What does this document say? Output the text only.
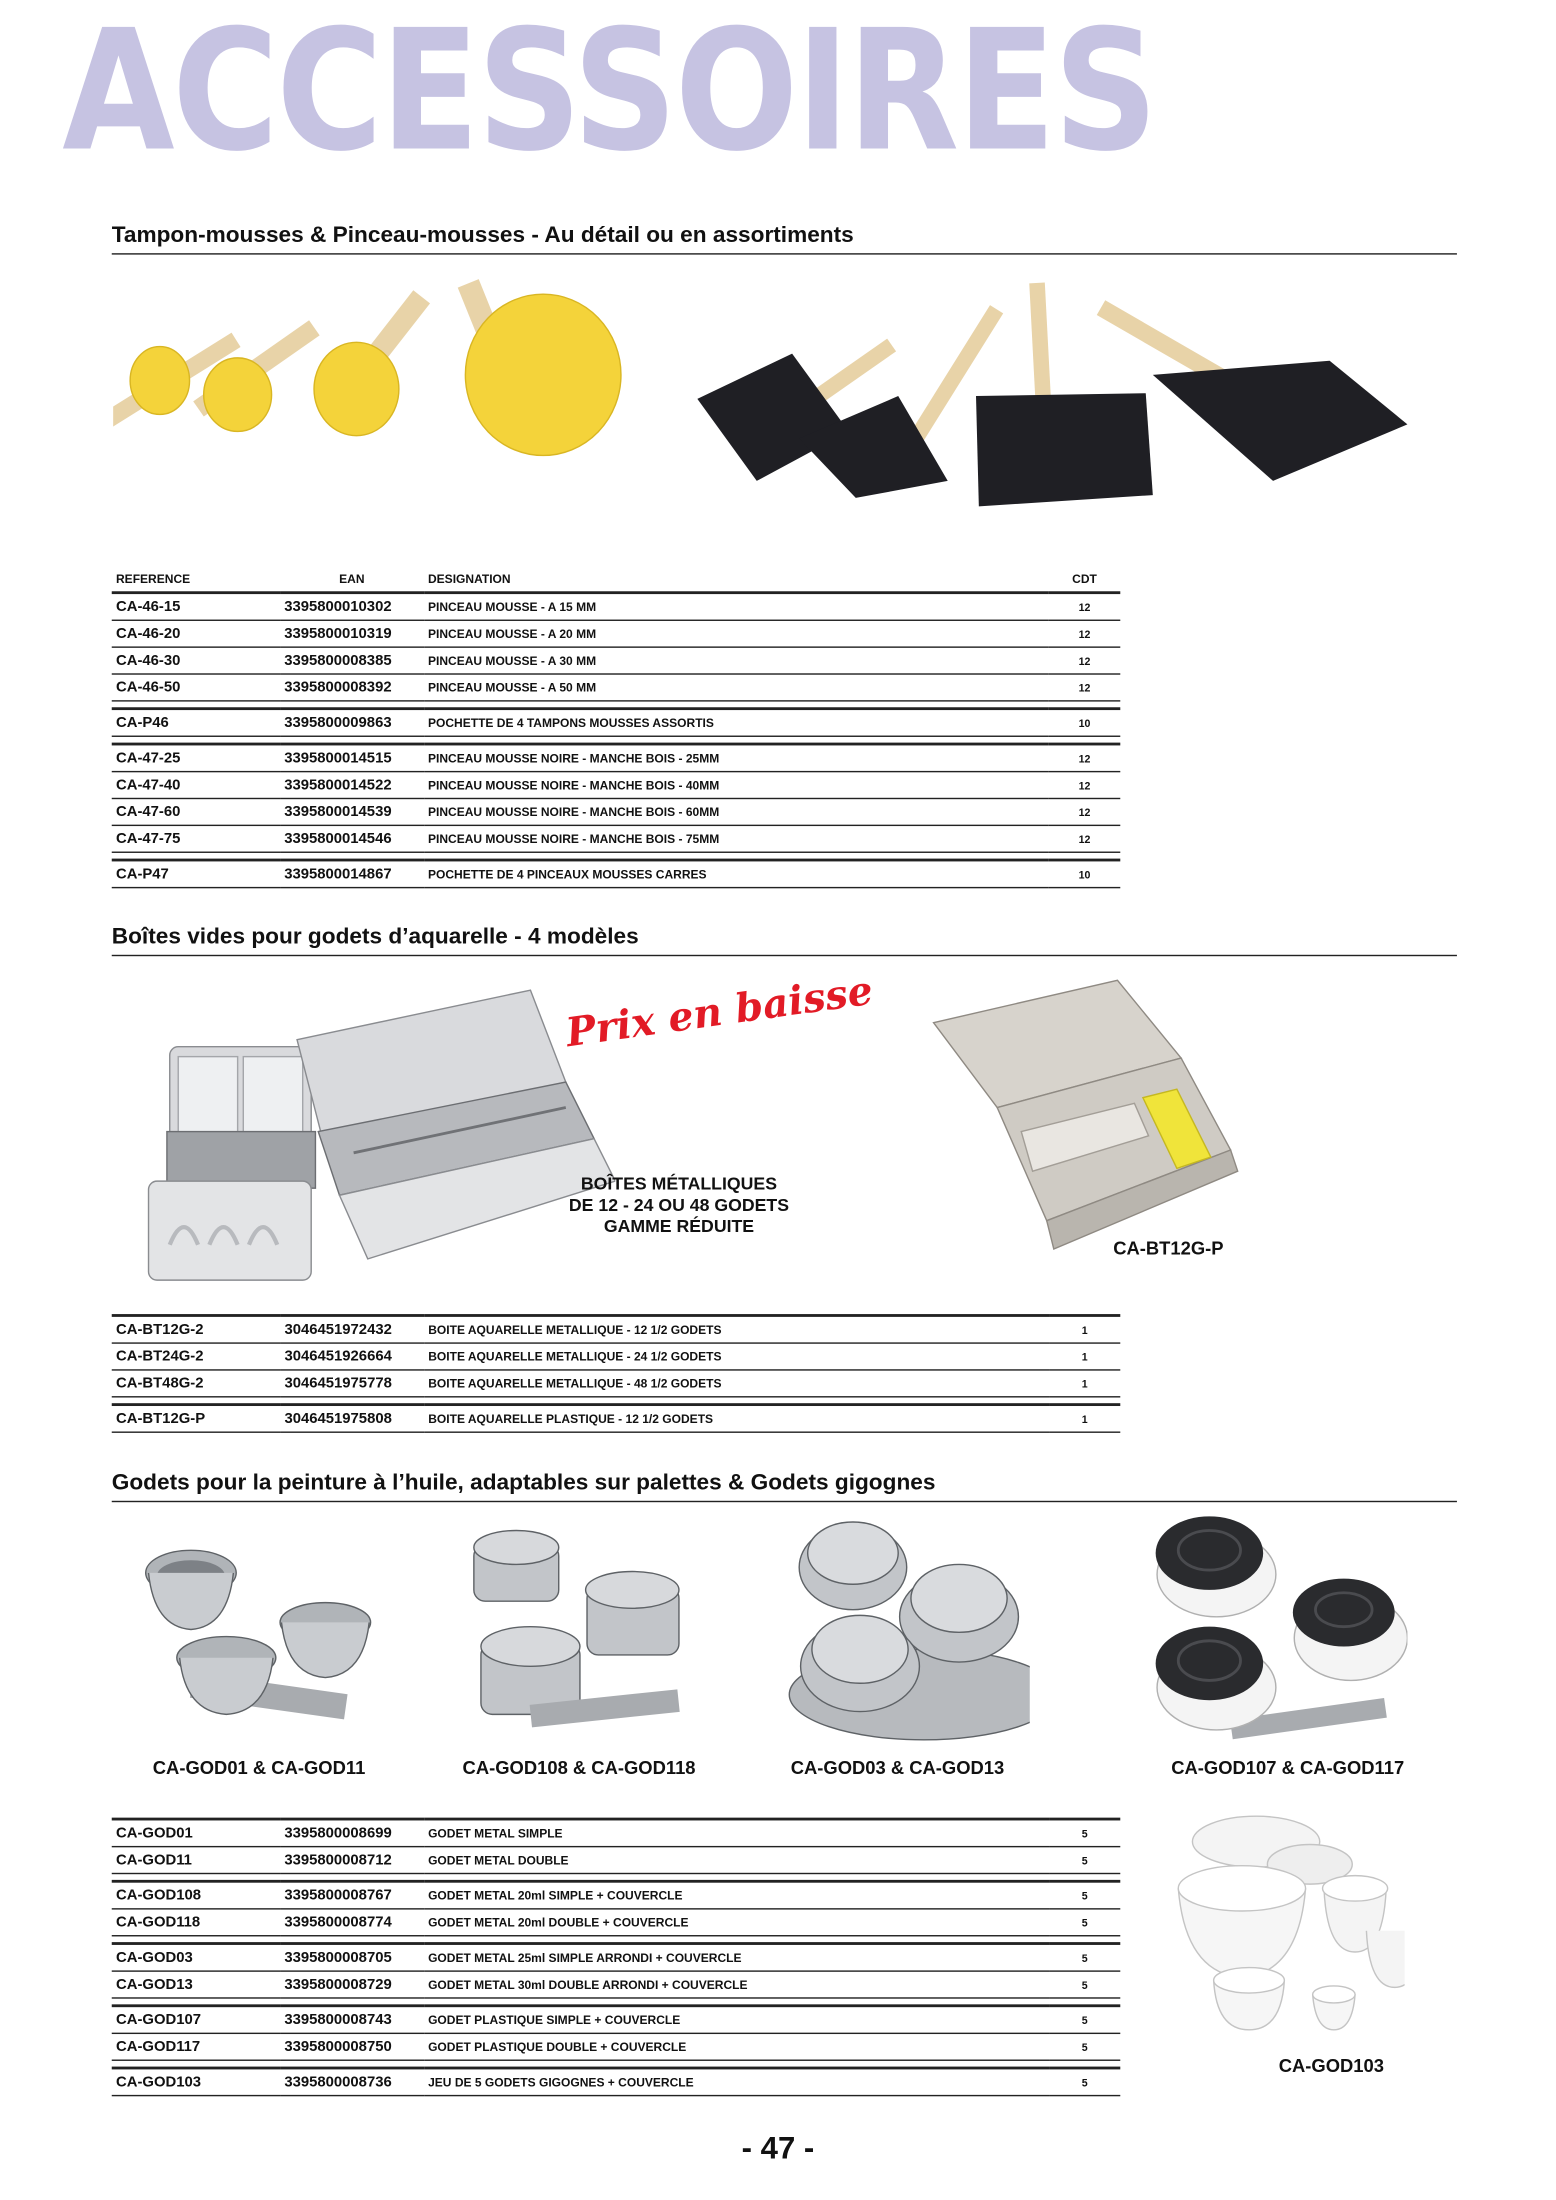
ACCESSOIRES
Tampon-mousses & Pinceau-mousses - Au détail ou en assortiments
REFERENCE	EAN	DESIGNATION	CDT
CA-46-15	3395800010302	PINCEAU MOUSSE - A 15 MM	12
CA-46-20	3395800010319	PINCEAU MOUSSE - A 20 MM	12
CA-46-30	3395800008385	PINCEAU MOUSSE - A 30 MM	12
CA-46-50	3395800008392	PINCEAU MOUSSE - A 50 MM	12

CA-P46	3395800009863	POCHETTE DE 4 TAMPONS MOUSSES ASSORTIS	10

CA-47-25	3395800014515	PINCEAU MOUSSE NOIRE - MANCHE BOIS - 25MM	12
CA-47-40	3395800014522	PINCEAU MOUSSE NOIRE - MANCHE BOIS - 40MM	12
CA-47-60	3395800014539	PINCEAU MOUSSE NOIRE - MANCHE BOIS - 60MM	12
CA-47-75	3395800014546	PINCEAU MOUSSE NOIRE - MANCHE BOIS - 75MM	12

CA-P47	3395800014867	POCHETTE DE 4 PINCEAUX MOUSSES CARRES	10
Boîtes vides pour godets d’aquarelle - 4 modèles
Prix en baisse
BOÎTES MÉTALLIQUES
DE 12 - 24 OU 48 GODETS
GAMME RÉDUITE
CA-BT12G-P
CA-BT12G-2	3046451972432	BOITE AQUARELLE METALLIQUE - 12 1/2 GODETS	1
CA-BT24G-2	3046451926664	BOITE AQUARELLE METALLIQUE - 24 1/2 GODETS	1
CA-BT48G-2	3046451975778	BOITE AQUARELLE METALLIQUE - 48 1/2 GODETS	1

CA-BT12G-P	3046451975808	BOITE AQUARELLE PLASTIQUE - 12 1/2 GODETS	1
Godets pour la peinture à l’huile, adaptables sur palettes & Godets gigognes
CA-GOD01 & CA-GOD11	CA-GOD108 & CA-GOD118	CA-GOD03 & CA-GOD13	CA-GOD107 & CA-GOD117
CA-GOD01	3395800008699	GODET METAL SIMPLE	5
CA-GOD11	3395800008712	GODET METAL DOUBLE	5

CA-GOD108	3395800008767	GODET METAL 20ml SIMPLE + COUVERCLE	5
CA-GOD118	3395800008774	GODET METAL 20ml DOUBLE + COUVERCLE	5

CA-GOD03	3395800008705	GODET METAL 25ml SIMPLE ARRONDI + COUVERCLE	5
CA-GOD13	3395800008729	GODET METAL 30ml DOUBLE ARRONDI + COUVERCLE	5

CA-GOD107	3395800008743	GODET PLASTIQUE SIMPLE + COUVERCLE	5
CA-GOD117	3395800008750	GODET PLASTIQUE DOUBLE + COUVERCLE	5

CA-GOD103	3395800008736	JEU DE 5 GODETS GIGOGNES + COUVERCLE	5
CA-GOD103
- 47 -
